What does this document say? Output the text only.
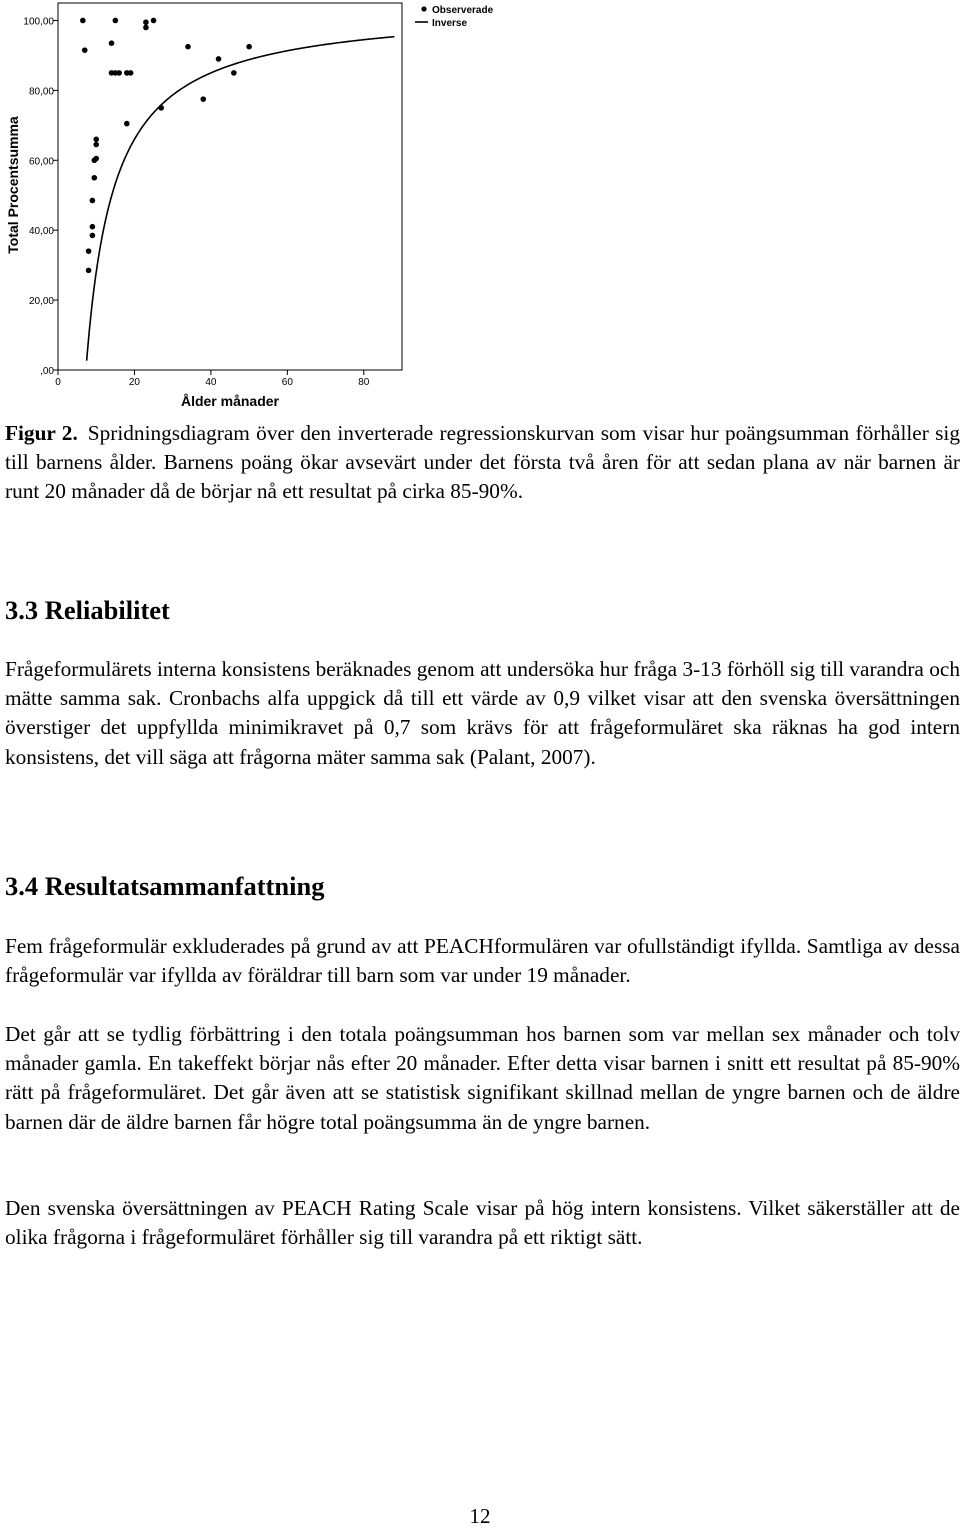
,00
20,00
40,00
60,00
80,00
100,00
0	20	40	60	80
Observerade
Inverse
Total Procentsumma
Ålder månader

Figur 2. Spridningsdiagram över den inverterade regressionskurvan som visar hur poängsumman förhåller sig till barnens ålder. Barnens poäng ökar avsevärt under det första två åren för att sedan plana av när barnen är runt 20 månader då de börjar nå ett resultat på cirka 85-90%.

3.3 Reliabilitet

Frågeformulärets interna konsistens beräknades genom att undersöka hur fråga 3-13 förhöll sig till varandra och mätte samma sak. Cronbachs alfa uppgick då till ett värde av 0,9 vilket visar att den svenska översättningen överstiger det uppfyllda minimikravet på 0,7 som krävs för att frågeformuläret ska räknas ha god intern konsistens, det vill säga att frågorna mäter samma sak (Palant, 2007).

3.4 Resultatsammanfattning

Fem frågeformulär exkluderades på grund av att PEACHformulären var ofullständigt ifyllda. Samtliga av dessa frågeformulär var ifyllda av föräldrar till barn som var under 19 månader.

Det går att se tydlig förbättring i den totala poängsumman hos barnen som var mellan sex månader och tolv månader gamla. En takeffekt börjar nås efter 20 månader. Efter detta visar barnen i snitt ett resultat på 85-90% rätt på frågeformuläret. Det går även att se statistisk signifikant skillnad mellan de yngre barnen och de äldre barnen där de äldre barnen får högre total poängsumma än de yngre barnen.

Den svenska översättningen av PEACH Rating Scale visar på hög intern konsistens. Vilket säkerställer att de olika frågorna i frågeformuläret förhåller sig till varandra på ett riktigt sätt.

12
